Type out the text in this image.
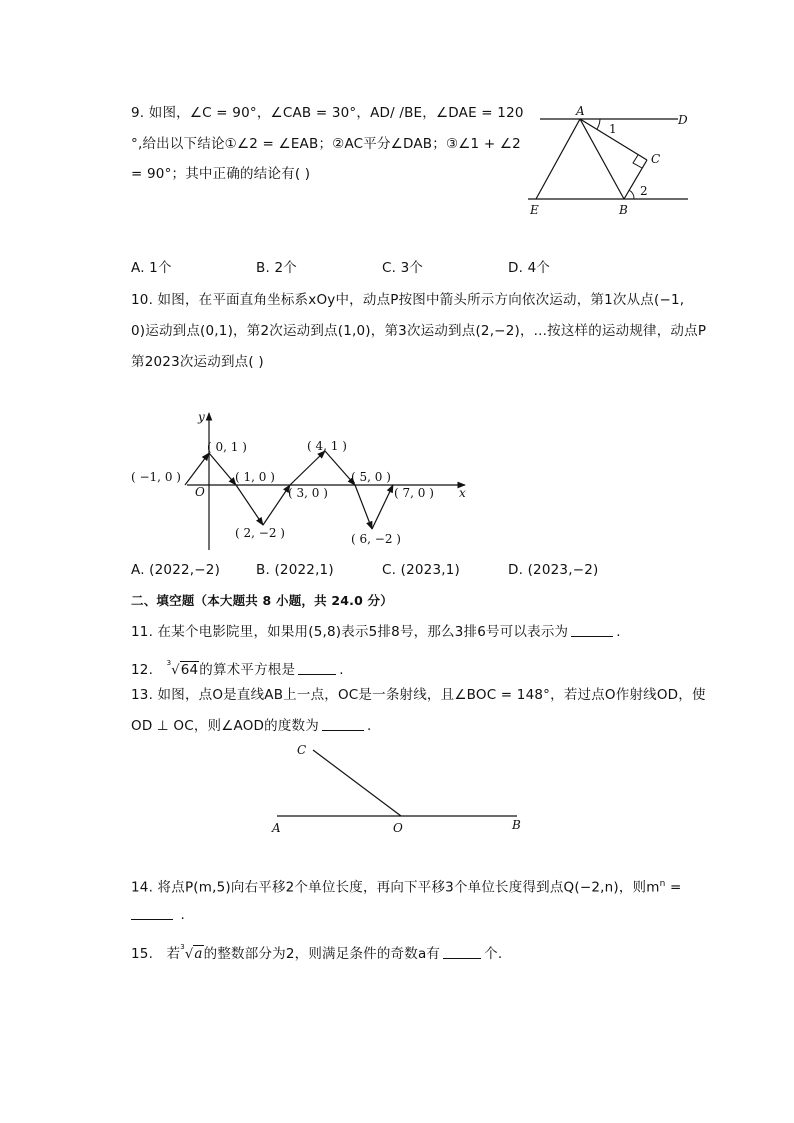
9. 如图，∠C = 90°，∠CAB = 30°，AD/ /BE，∠DAE = 120
°,给出以下结论①∠2 = ∠EAB；②AC平分∠DAB；③∠1 + ∠2
= 90°；其中正确的结论有( )
A
D
C
E	B
1
2
A. 1个	B. 2个	C. 3个	D. 4个
10. 如图，在平面直角坐标系xOy中，动点P按图中箭头所示方向依次运动，第1次从点(−1,
0)运动到点(0,1)，第2次运动到点(1,0)，第3次运动到点(2,−2)，...按这样的运动规律，动点P
第2023次运动到点( )
y
x
O
( −1, 0 )
( 0, 1 )
( 1, 0 )
( 2, −2 )
( 3, 0 )
( 4, 1 )
( 5, 0 )
( 6, −2 )
( 7, 0 )
A. (2022,−2)	B. (2022,1)	C. (2023,1)	D. (2023,−2)
二、填空题（本大题共 8 小题，共 24.0 分）
11. 在某个电影院里，如果用(5,8)表示5排8号，那么3排6号可以表示为	.
12. $^3$√64的算术平方根是	.
13. 如图，点O是直线AB上一点，OC是一条射线，且∠BOC = 148°，若过点O作射线OD，使
OD ⊥ OC，则∠AOD的度数为	.
C
A	O	B
14. 将点P(m,5)向右平移2个单位长度，再向下平移3个单位长度得到点Q(−2,n)，则$m^n$ =
.
15. 若$^3$√a的整数部分为2，则满足条件的奇数a有	个.
